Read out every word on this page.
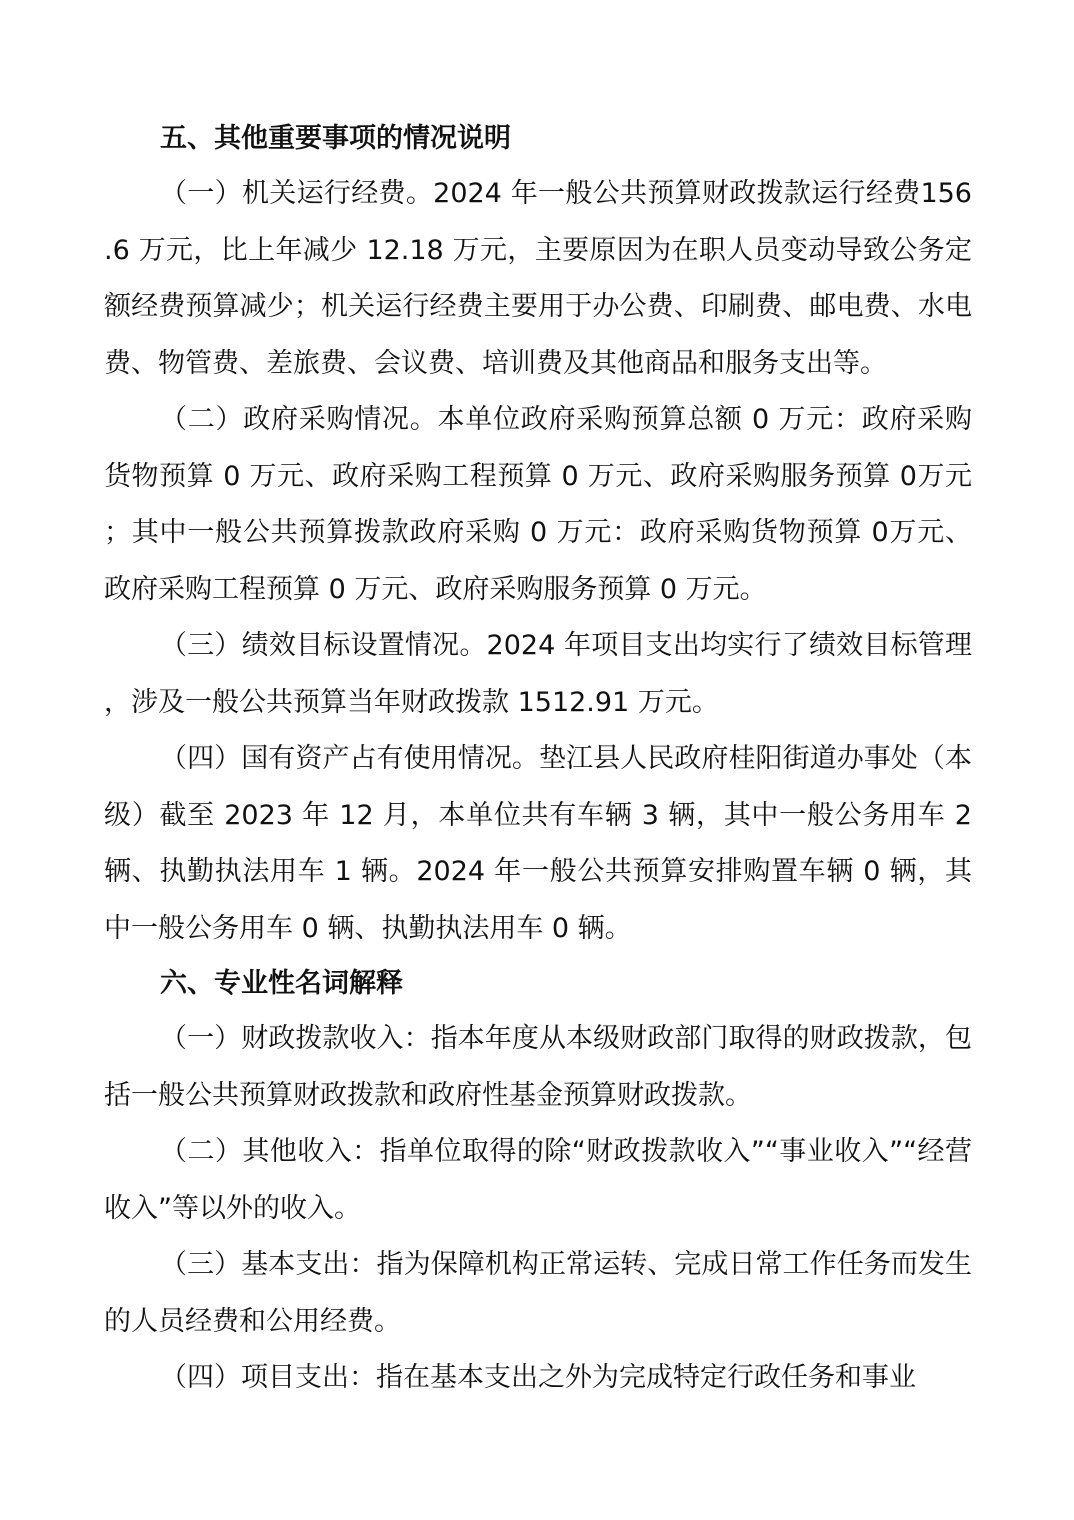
五、其他重要事项的情况说明

（一）机关运行经费。2024 年一般公共预算财政拨款运行经费156.6 万元，比上年减少 12.18 万元，主要原因为在职人员变动导致公务定额经费预算减少；机关运行经费主要用于办公费、印刷费、邮电费、水电费、物管费、差旅费、会议费、培训费及其他商品和服务支出等。

（二）政府采购情况。本单位政府采购预算总额 0 万元：政府采购货物预算 0 万元、政府采购工程预算 0 万元、政府采购服务预算 0万元；其中一般公共预算拨款政府采购 0 万元：政府采购货物预算 0万元、政府采购工程预算 0 万元、政府采购服务预算 0 万元。

（三）绩效目标设置情况。2024 年项目支出均实行了绩效目标管理，涉及一般公共预算当年财政拨款 1512.91 万元。

（四）国有资产占有使用情况。垫江县人民政府桂阳街道办事处（本级）截至 2023 年 12 月，本单位共有车辆 3 辆，其中一般公务用车 2 辆、执勤执法用车 1 辆。2024 年一般公共预算安排购置车辆 0 辆，其中一般公务用车 0 辆、执勤执法用车 0 辆。

六、专业性名词解释

（一）财政拨款收入：指本年度从本级财政部门取得的财政拨款，包括一般公共预算财政拨款和政府性基金预算财政拨款。

（二）其他收入：指单位取得的除“财政拨款收入”“事业收入”“经营收入”等以外的收入。

（三）基本支出：指为保障机构正常运转、完成日常工作任务而发生的人员经费和公用经费。

（四）项目支出：指在基本支出之外为完成特定行政任务和事业
